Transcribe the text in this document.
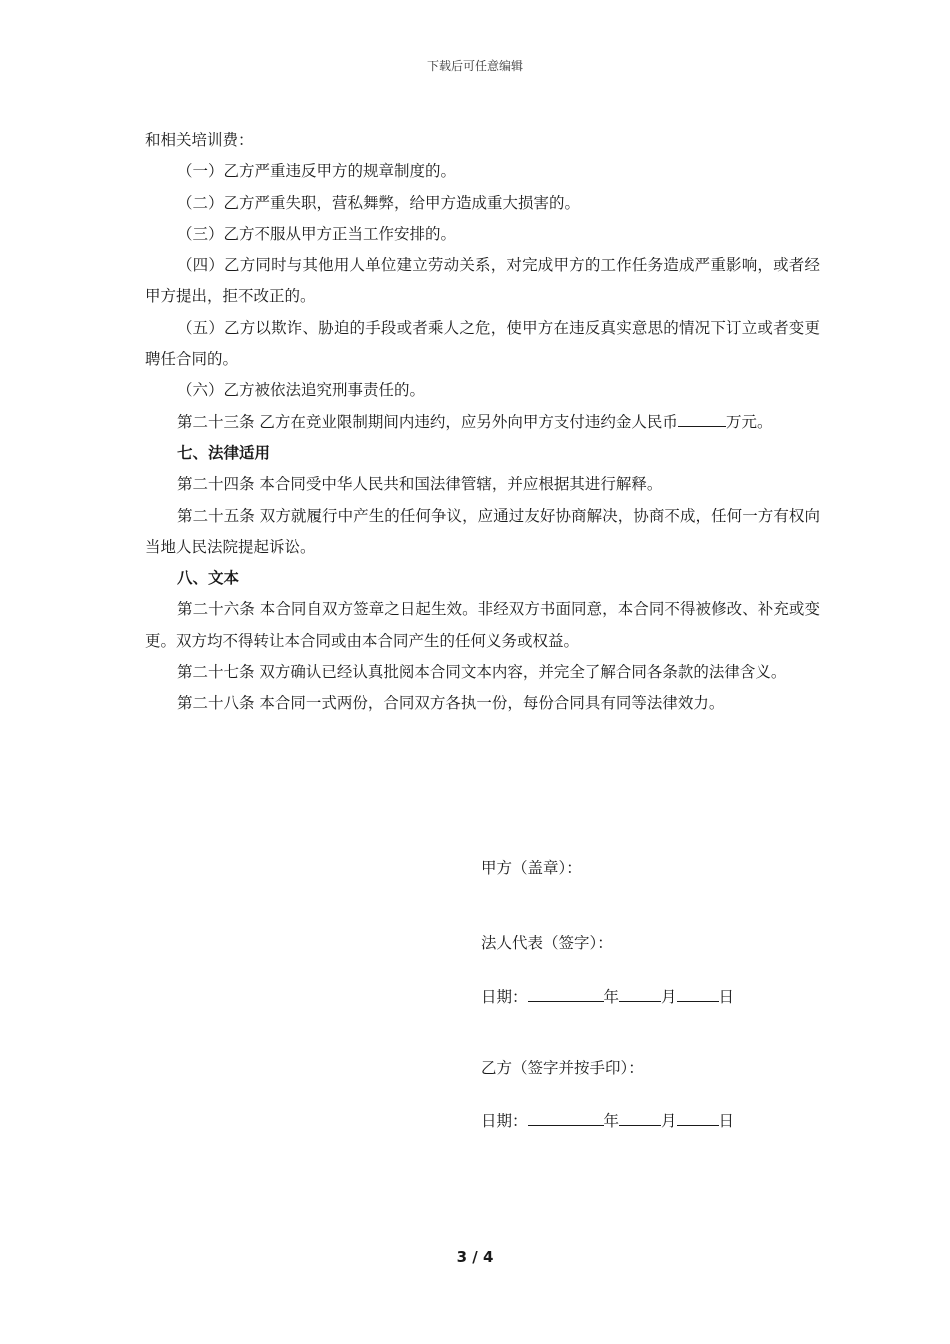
下载后可任意编辑

和相关培训费：

（一）乙方严重违反甲方的规章制度的。

（二）乙方严重失职，营私舞弊，给甲方造成重大损害的。

（三）乙方不服从甲方正当工作安排的。

（四）乙方同时与其他用人单位建立劳动关系，对完成甲方的工作任务造成严重影响，或者经甲方提出，拒不改正的。

（五）乙方以欺诈、胁迫的手段或者乘人之危，使甲方在违反真实意思的情况下订立或者变更聘任合同的。

（六）乙方被依法追究刑事责任的。

第二十三条 乙方在竞业限制期间内违约，应另外向甲方支付违约金人民币	万元。

七、法律适用

第二十四条 本合同受中华人民共和国法律管辖，并应根据其进行解释。

第二十五条 双方就履行中产生的任何争议，应通过友好协商解决，协商不成，任何一方有权向当地人民法院提起诉讼。

八、文本

第二十六条 本合同自双方签章之日起生效。非经双方书面同意，本合同不得被修改、补充或变更。双方均不得转让本合同或由本合同产生的任何义务或权益。

第二十七条 双方确认已经认真批阅本合同文本内容，并完全了解合同各条款的法律含义。

第二十八条 本合同一式两份，合同双方各执一份，每份合同具有同等法律效力。

甲方（盖章）：
法人代表（签字）：
日期：	年	月	日
乙方（签字并按手印）：
日期：	年	月	日
3 / 4
